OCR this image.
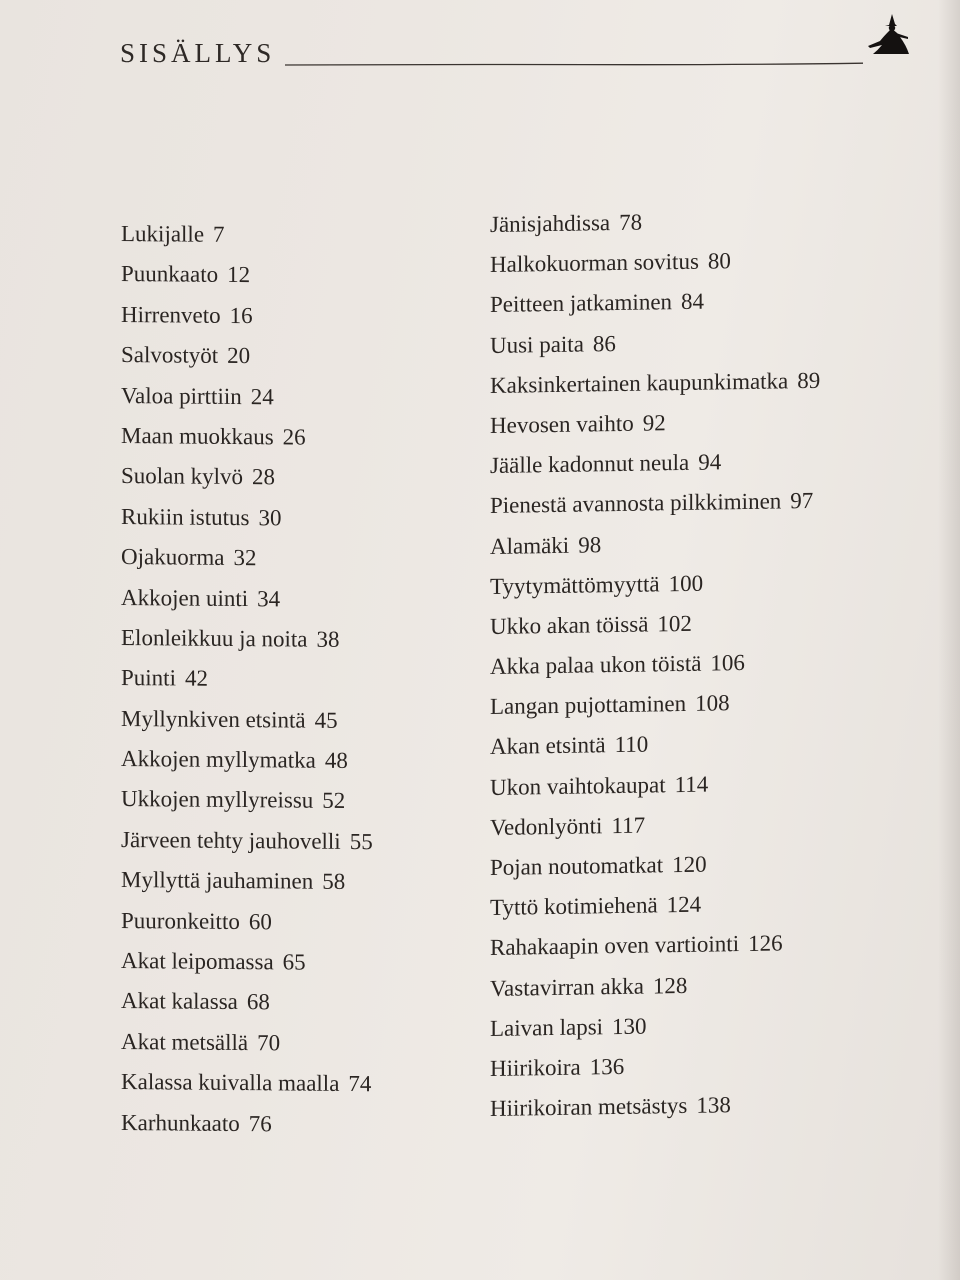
SISÄLLYS
Lukijalle 7
Puunkaato 12
Hirrenveto 16
Salvostyöt 20
Valoa pirttiin 24
Maan muokkaus 26
Suolan kylvö 28
Rukiin istutus 30
Ojakuorma 32
Akkojen uinti 34
Elonleikkuu ja noita 38
Puinti 42
Myllynkiven etsintä 45
Akkojen myllymatka 48
Ukkojen myllyreissu 52
Järveen tehty jauhovelli 55
Myllyttä jauhaminen 58
Puuronkeitto 60
Akat leipomassa 65
Akat kalassa 68
Akat metsällä 70
Kalassa kuivalla maalla 74
Karhunkaato 76
Jänisjahdissa 78
Halkokuorman sovitus 80
Peitteen jatkaminen 84
Uusi paita 86
Kaksinkertainen kaupunkimatka 89
Hevosen vaihto 92
Jäälle kadonnut neula 94
Pienestä avannosta pilkkiminen 97
Alamäki 98
Tyytymättömyyttä 100
Ukko akan töissä 102
Akka palaa ukon töistä 106
Langan pujottaminen 108
Akan etsintä 110
Ukon vaihtokaupat 114
Vedonlyönti 117
Pojan noutomatkat 120
Tyttö kotimiehenä 124
Rahakaapin oven vartiointi 126
Vastavirran akka 128
Laivan lapsi 130
Hiirikoira 136
Hiirikoiran metsästys 138
